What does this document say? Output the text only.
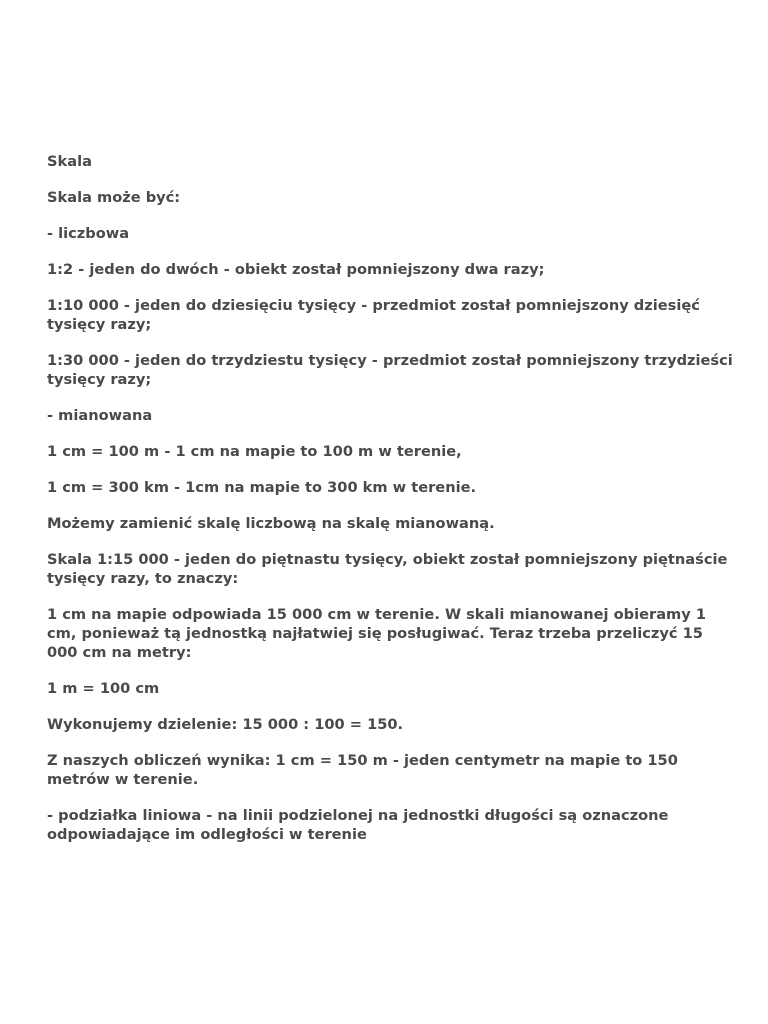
Skala

Skala może być:

- liczbowa

1:2 - jeden do dwóch - obiekt został pomniejszony dwa razy;

1:10 000 - jeden do dziesięciu tysięcy - przedmiot został pomniejszony dziesięć tysięcy razy;

1:30 000 - jeden do trzydziestu tysięcy - przedmiot został pomniejszony trzydzieści tysięcy razy;

- mianowana

1 cm = 100 m - 1 cm na mapie to 100 m w terenie,

1 cm = 300 km - 1cm na mapie to 300 km w terenie.

Możemy zamienić skalę liczbową na skalę mianowaną.

Skala 1:15 000 - jeden do piętnastu tysięcy, obiekt został pomniejszony piętnaście tysięcy razy, to znaczy:

1 cm na mapie odpowiada 15 000 cm w terenie. W skali mianowanej obieramy 1 cm, ponieważ tą jednostką najłatwiej się posługiwać. Teraz trzeba przeliczyć 15 000 cm na metry:

1 m = 100 cm

Wykonujemy dzielenie: 15 000 : 100 = 150.

Z naszych obliczeń wynika: 1 cm = 150 m - jeden centymetr na mapie to 150 metrów w terenie.

- podziałka liniowa - na linii podzielonej na jednostki długości są oznaczone odpowiadające im odległości w terenie
